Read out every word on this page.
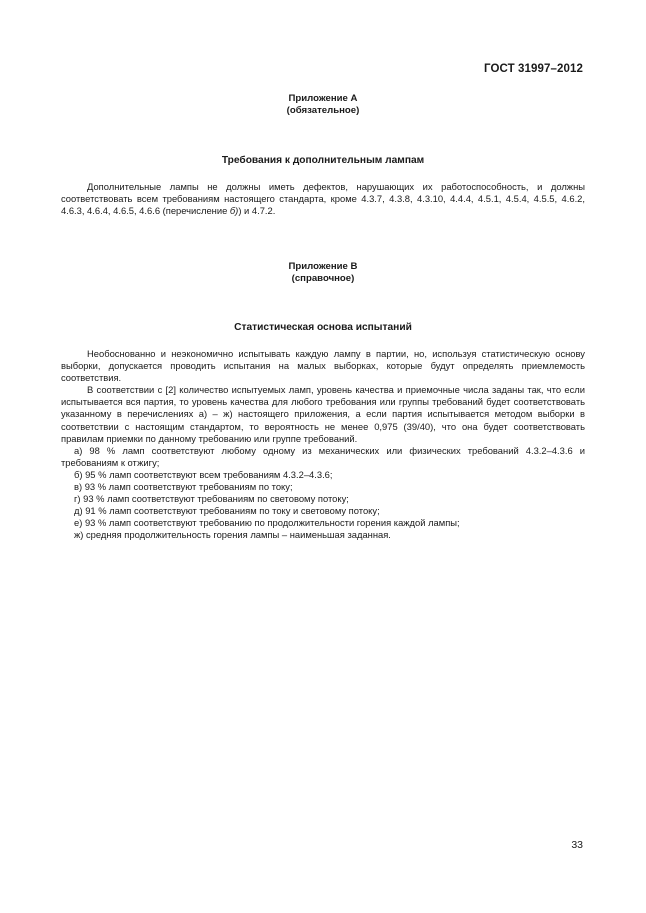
ГОСТ 31997–2012
Приложение А
(обязательное)
Требования к дополнительным лампам

Дополнительные лампы не должны иметь дефектов, нарушающих их работоспособность, и должны соответствовать всем требованиям настоящего стандарта, кроме 4.3.7, 4.3.8, 4.3.10, 4.4.4, 4.5.1, 4.5.4, 4.5.5, 4.6.2, 4.6.3, 4.6.4, 4.6.5, 4.6.6 (перечисление б)) и 4.7.2.

Приложение В
(справочное)
Статистическая основа испытаний

Необоснованно и неэкономично испытывать каждую лампу в партии, но, используя статистическую основу выборки, допускается проводить испытания на малых выборках, которые будут определять приемлемость соответствия.

В соответствии с [2] количество испытуемых ламп, уровень качества и приемочные числа заданы так, что если испытывается вся партия, то уровень качества для любого требования или группы требований будет соответствовать указанному в перечислениях а) – ж) настоящего приложения, а если партия испытывается методом выборки в соответствии с настоящим стандартом, то вероятность не менее 0,975 (39/40), что она будет соответствовать правилам приемки по данному требованию или группе требований.

а) 98 % ламп соответствуют любому одному из механических или физических требований 4.3.2–4.3.6 и требованиям к отжигу;

б) 95 % ламп соответствуют всем требованиям 4.3.2–4.3.6;

в) 93 % ламп соответствуют требованиям по току;

г) 93 % ламп соответствуют требованиям по световому потоку;

д) 91 % ламп соответствуют требованиям по току и световому потоку;

е) 93 % ламп соответствуют требованию по продолжительности горения каждой лампы;

ж) средняя продолжительность горения лампы – наименьшая заданная.

33
